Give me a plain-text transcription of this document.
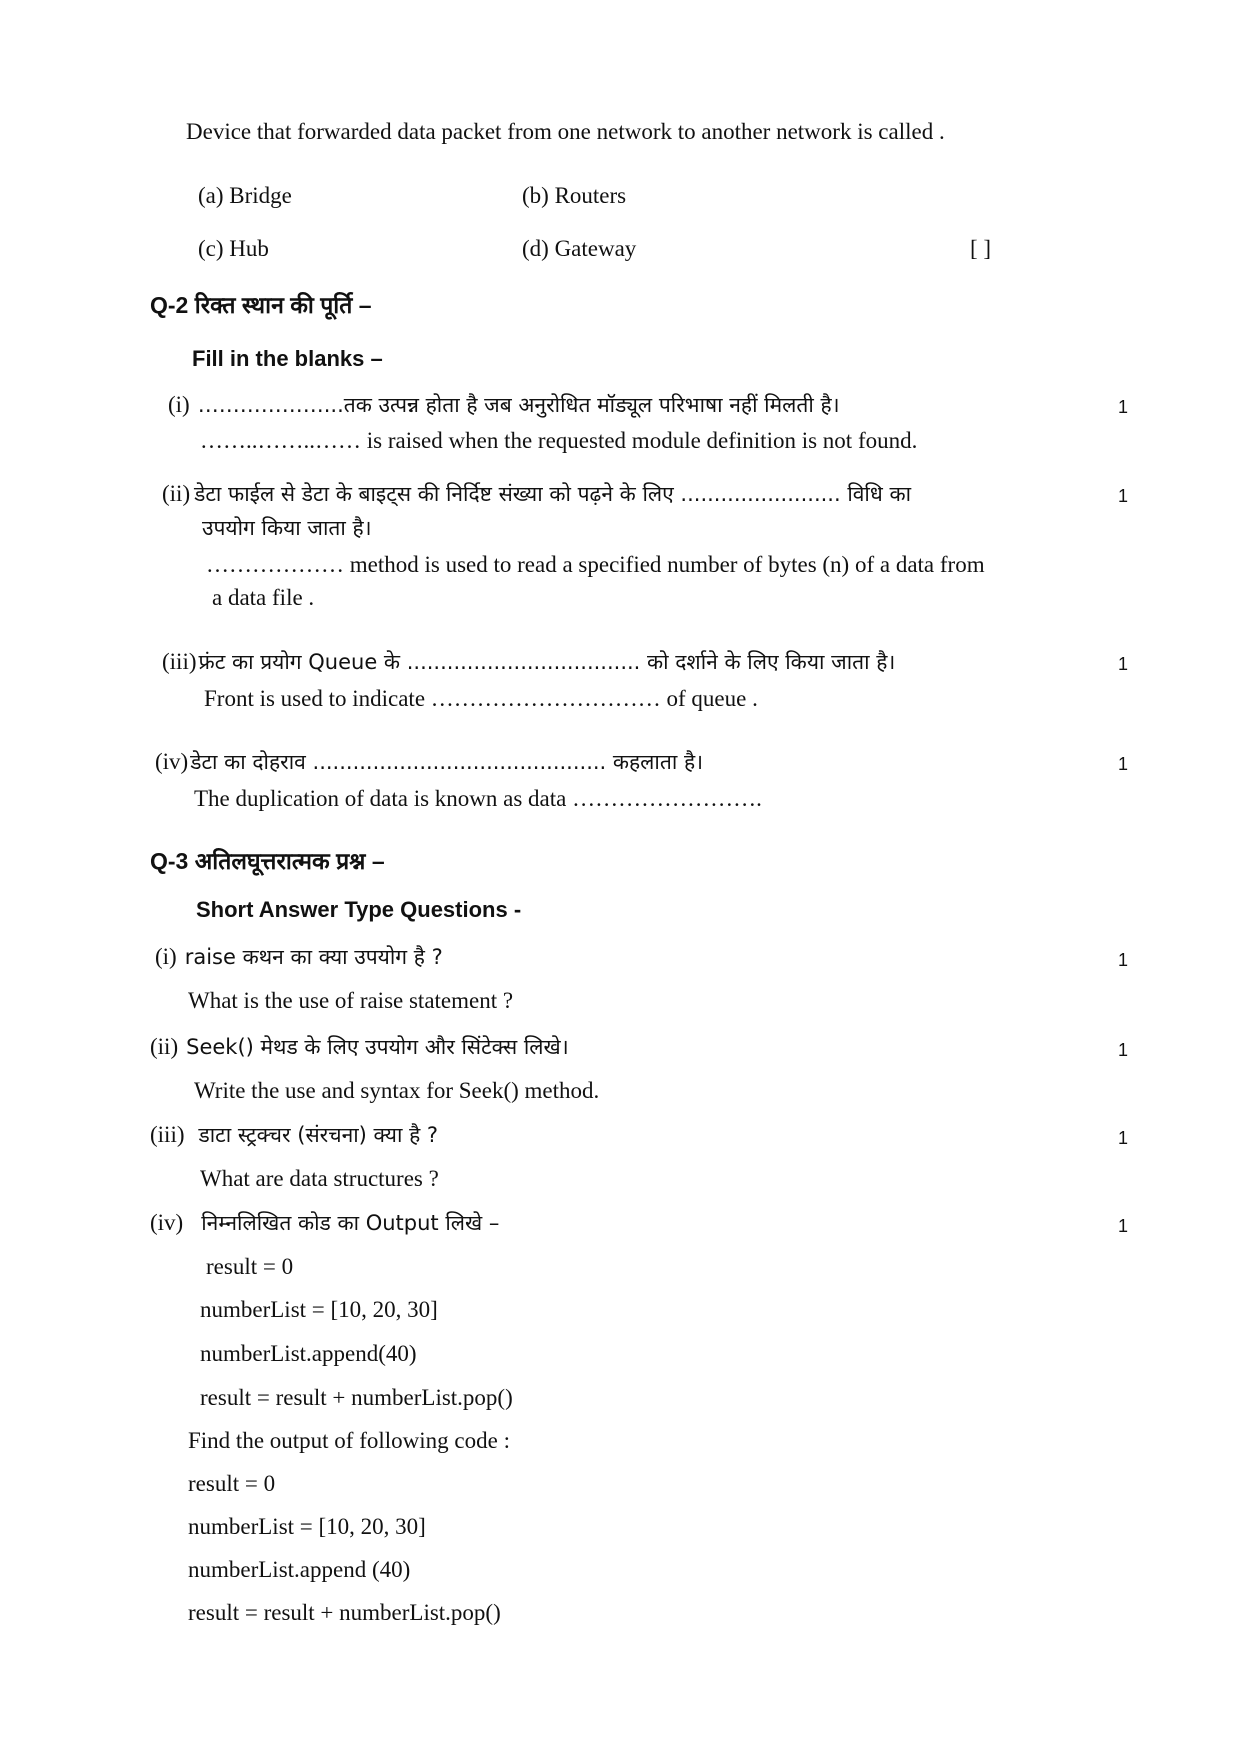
Device that forwarded data packet from one network to another network is called .
(a) Bridge	(b) Routers
(c) Hub	(d) Gateway	[ ]
Q-2 रिक्त स्थान की पूर्ति –
Fill in the blanks –
(i) ………………...तक उत्पन्न होता है जब अनुरोधित मॉड्यूल परिभाषा नहीं मिलती है।	1
……..……..…… is raised when the requested module definition is not found.
(ii) डेटा फाईल से डेटा के बाइट्स की निर्दिष्ट संख्या को पढ़ने के लिए ........................ विधि का	1
उपयोग किया जाता है।
……………… method is used to read a specified number of bytes (n) of a data from
a data file .
(iii)फ्रंट का प्रयोग Queue के ................................... को दर्शाने के लिए किया जाता है।	1
Front is used to indicate ………………………… of queue .
(iv)डेटा का दोहराव ............................................ कहलाता है।	1
The duplication of data is known as data …………………….
Q-3 अतिलघूत्तरात्मक प्रश्न –
Short Answer Type Questions -
(i) raise कथन का क्या उपयोग है ?	1
What is the use of raise statement ?
(ii) Seek() मेथड के लिए उपयोग और सिंटेक्स लिखे।	1
Write the use and syntax for Seek() method.
(iii) डाटा स्ट्रक्चर (संरचना) क्या है ?	1
What are data structures ?
(iv) निम्नलिखित कोड का Output लिखे –	1
result = 0
numberList = [10, 20, 30]
numberList.append(40)
result = result + numberList.pop()
Find the output of following code :
result = 0
numberList = [10, 20, 30]
numberList.append (40)
result = result + numberList.pop()
